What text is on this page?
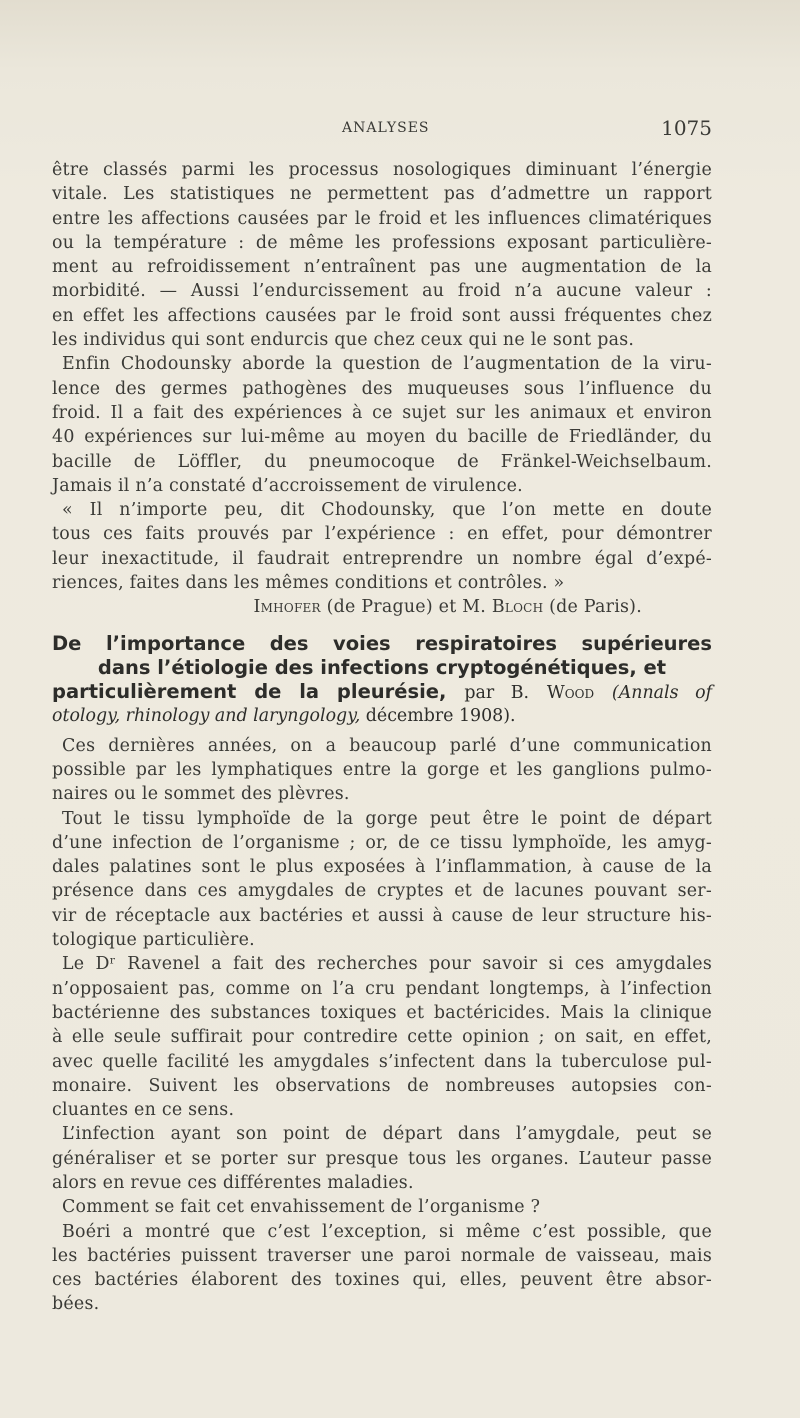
ANALYSES	1075
être classés parmi les processus nosologiques diminuant l’énergie
vitale. Les statistiques ne permettent pas d’admettre un rapport
entre les affections causées par le froid et les influences climatériques
ou la température : de même les professions exposant particulière-
ment au refroidissement n’entraînent pas une augmentation de la
morbidité. — Aussi l’endurcissement au froid n’a aucune valeur :
en effet les affections causées par le froid sont aussi fréquentes chez
les individus qui sont endurcis que chez ceux qui ne le sont pas.
Enfin Chodounsky aborde la question de l’augmentation de la viru-
lence des germes pathogènes des muqueuses sous l’influence du
froid. Il a fait des expériences à ce sujet sur les animaux et environ
40 expériences sur lui-même au moyen du bacille de Friedländer, du
bacille de Löffler, du pneumocoque de Fränkel-Weichselbaum.
Jamais il n’a constaté d’accroissement de virulence.
« Il n’importe peu, dit Chodounsky, que l’on mette en doute
tous ces faits prouvés par l’expérience : en effet, pour démontrer
leur inexactitude, il faudrait entreprendre un nombre égal d’expé-
riences, faites dans les mêmes conditions et contrôles. »
Imhofer (de Prague) et M. Bloch (de Paris).
De l’importance des voies respiratoires supérieures
dans l’étiologie des infections cryptogénétiques, et
particulièrement de la pleurésie, par B. Wood (Annals of
otology, rhinology and laryngology, décembre 1908).
Ces dernières années, on a beaucoup parlé d’une communication
possible par les lymphatiques entre la gorge et les ganglions pulmo-
naires ou le sommet des plèvres.
Tout le tissu lymphoïde de la gorge peut être le point de départ
d’une infection de l’organisme ; or, de ce tissu lymphoïde, les amyg-
dales palatines sont le plus exposées à l’inflammation, à cause de la
présence dans ces amygdales de cryptes et de lacunes pouvant ser-
vir de réceptacle aux bactéries et aussi à cause de leur structure his-
tologique particulière.
Le Dʳ Ravenel a fait des recherches pour savoir si ces amygdales
n’opposaient pas, comme on l’a cru pendant longtemps, à l’infection
bactérienne des substances toxiques et bactéricides. Mais la clinique
à elle seule suffirait pour contredire cette opinion ; on sait, en effet,
avec quelle facilité les amygdales s’infectent dans la tuberculose pul-
monaire. Suivent les observations de nombreuses autopsies con-
cluantes en ce sens.
L’infection ayant son point de départ dans l’amygdale, peut se
généraliser et se porter sur presque tous les organes. L’auteur passe
alors en revue ces différentes maladies.
Comment se fait cet envahissement de l’organisme ?
Boéri a montré que c’est l’exception, si même c’est possible, que
les bactéries puissent traverser une paroi normale de vaisseau, mais
ces bactéries élaborent des toxines qui, elles, peuvent être absor-
bées.
